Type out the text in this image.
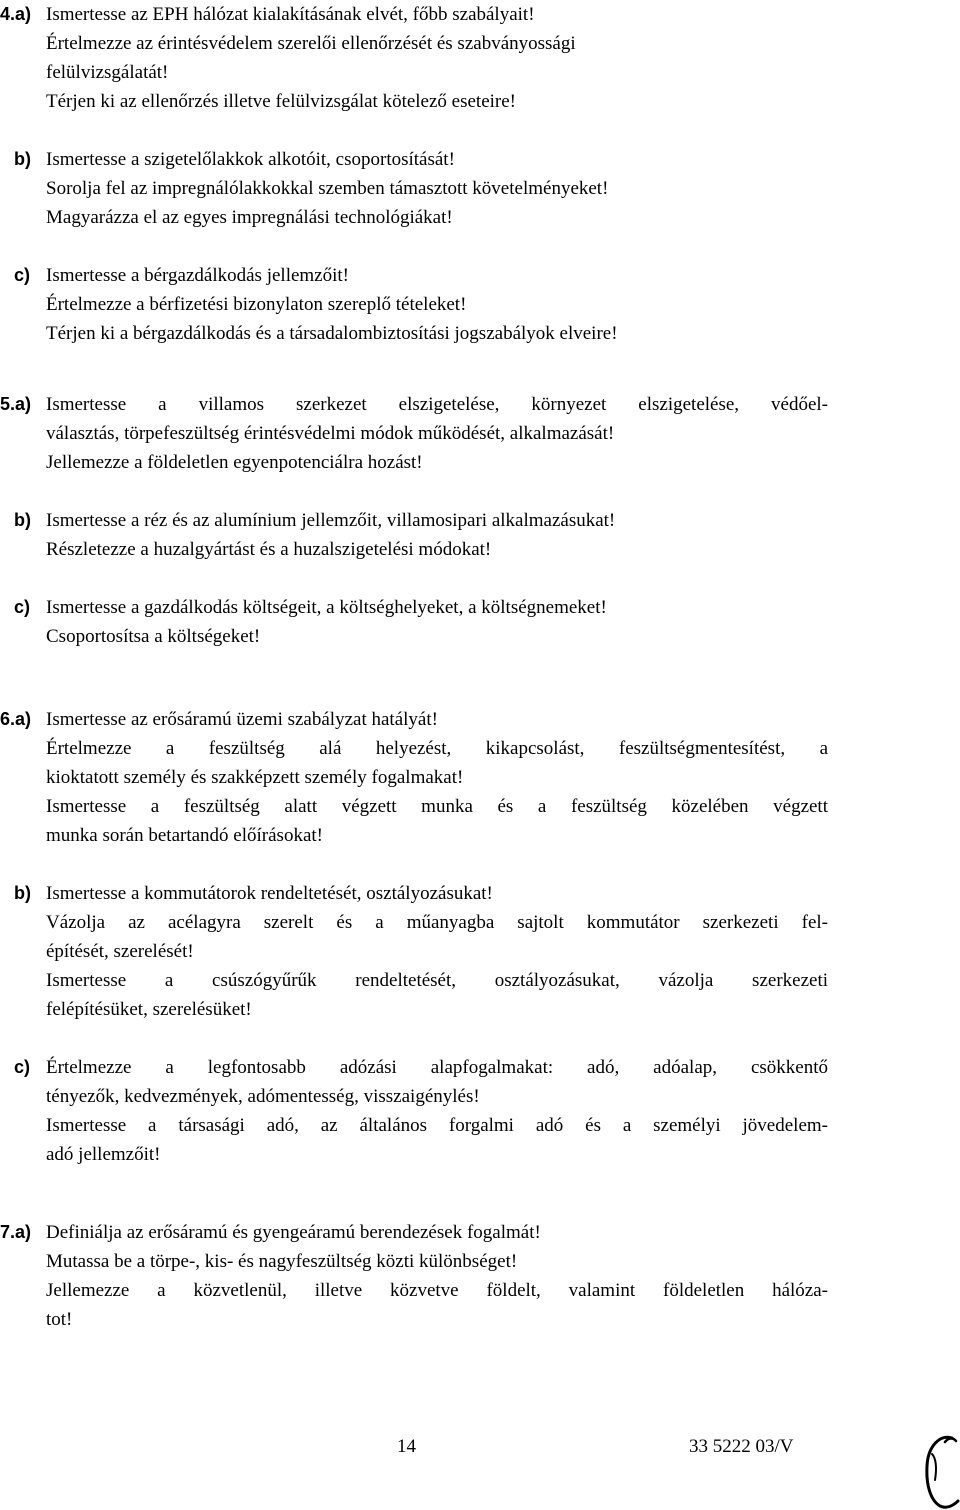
4.a) Ismertesse az EPH hálózat kialakításának elvét, főbb szabályait!
Értelmezze az érintésvédelem szerelői ellenőrzését és szabványossági
felülvizsgálatát!
Térjen ki az ellenőrzés illetve felülvizsgálat kötelező eseteire!
b) Ismertesse a szigetelőlakkok alkotóit, csoportosítását!
Sorolja fel az impregnálólakkokkal szemben támasztott követelményeket!
Magyarázza el az egyes impregnálási technológiákat!
c) Ismertesse a bérgazdálkodás jellemzőit!
Értelmezze a bérfizetési bizonylaton szereplő tételeket!
Térjen ki a bérgazdálkodás és a társadalombiztosítási jogszabályok elveire!
5.a) Ismertesse a villamos szerkezet elszigetelése, környezet elszigetelése, védőel-
választás, törpefeszültség érintésvédelmi módok működését, alkalmazását!
Jellemezze a földeletlen egyenpotenciálra hozást!
b) Ismertesse a réz és az alumínium jellemzőit, villamosipari alkalmazásukat!
Részletezze a huzalgyártást és a huzalszigetelési módokat!
c) Ismertesse a gazdálkodás költségeit, a költséghelyeket, a költségnemeket!
Csoportosítsa a költségeket!
6.a) Ismertesse az erősáramú üzemi szabályzat hatályát!
Értelmezze a feszültség alá helyezést, kikapcsolást, feszültségmentesítést, a
kioktatott személy és szakképzett személy fogalmakat!
Ismertesse a feszültség alatt végzett munka és a feszültség közelében végzett
munka során betartandó előírásokat!
b) Ismertesse a kommutátorok rendeltetését, osztályozásukat!
Vázolja az acélagyra szerelt és a műanyagba sajtolt kommutátor szerkezeti fel-
építését, szerelését!
Ismertesse a csúszógyűrűk rendeltetését, osztályozásukat, vázolja szerkezeti
felépítésüket, szerelésüket!
c) Értelmezze a legfontosabb adózási alapfogalmakat: adó, adóalap, csökkentő
tényezők, kedvezmények, adómentesség, visszaigénylés!
Ismertesse a társasági adó, az általános forgalmi adó és a személyi jövedelem-
adó jellemzőit!
7.a) Definiálja az erősáramú és gyengeáramú berendezések fogalmát!
Mutassa be a törpe-, kis- és nagyfeszültség közti különbséget!
Jellemezze a közvetlenül, illetve közvetve földelt, valamint földeletlen hálóza-
tot!
14	33 5222 03/V
